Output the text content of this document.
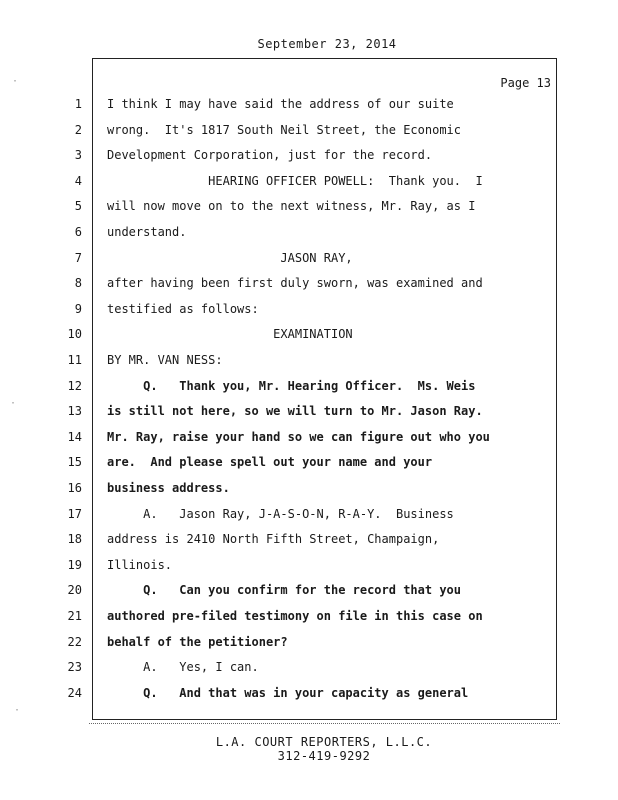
September 23, 2014
Page 13
1 I think I may have said the address of our suite
2 wrong.  It's 1817 South Neil Street, the Economic
3 Development Corporation, just for the record.
4 HEARING OFFICER POWELL:  Thank you.  I
5 will now move on to the next witness, Mr. Ray, as I
6 understand.
7 JASON RAY,
8 after having been first duly sworn, was examined and
9 testified as follows:
10 EXAMINATION
11 BY MR. VAN NESS:
12 Q.   Thank you, Mr. Hearing Officer.  Ms. Weis
13 is still not here, so we will turn to Mr. Jason Ray.
14 Mr. Ray, raise your hand so we can figure out who you
15 are.  And please spell out your name and your
16 business address.
17 A.   Jason Ray, J-A-S-O-N, R-A-Y.  Business
18 address is 2410 North Fifth Street, Champaign,
19 Illinois.
20 Q.   Can you confirm for the record that you
21 authored pre-filed testimony on file in this case on
22 behalf of the petitioner?
23 A.   Yes, I can.
24 Q.   And that was in your capacity as general
L.A. COURT REPORTERS, L.L.C.
312-419-9292
·
·
·
